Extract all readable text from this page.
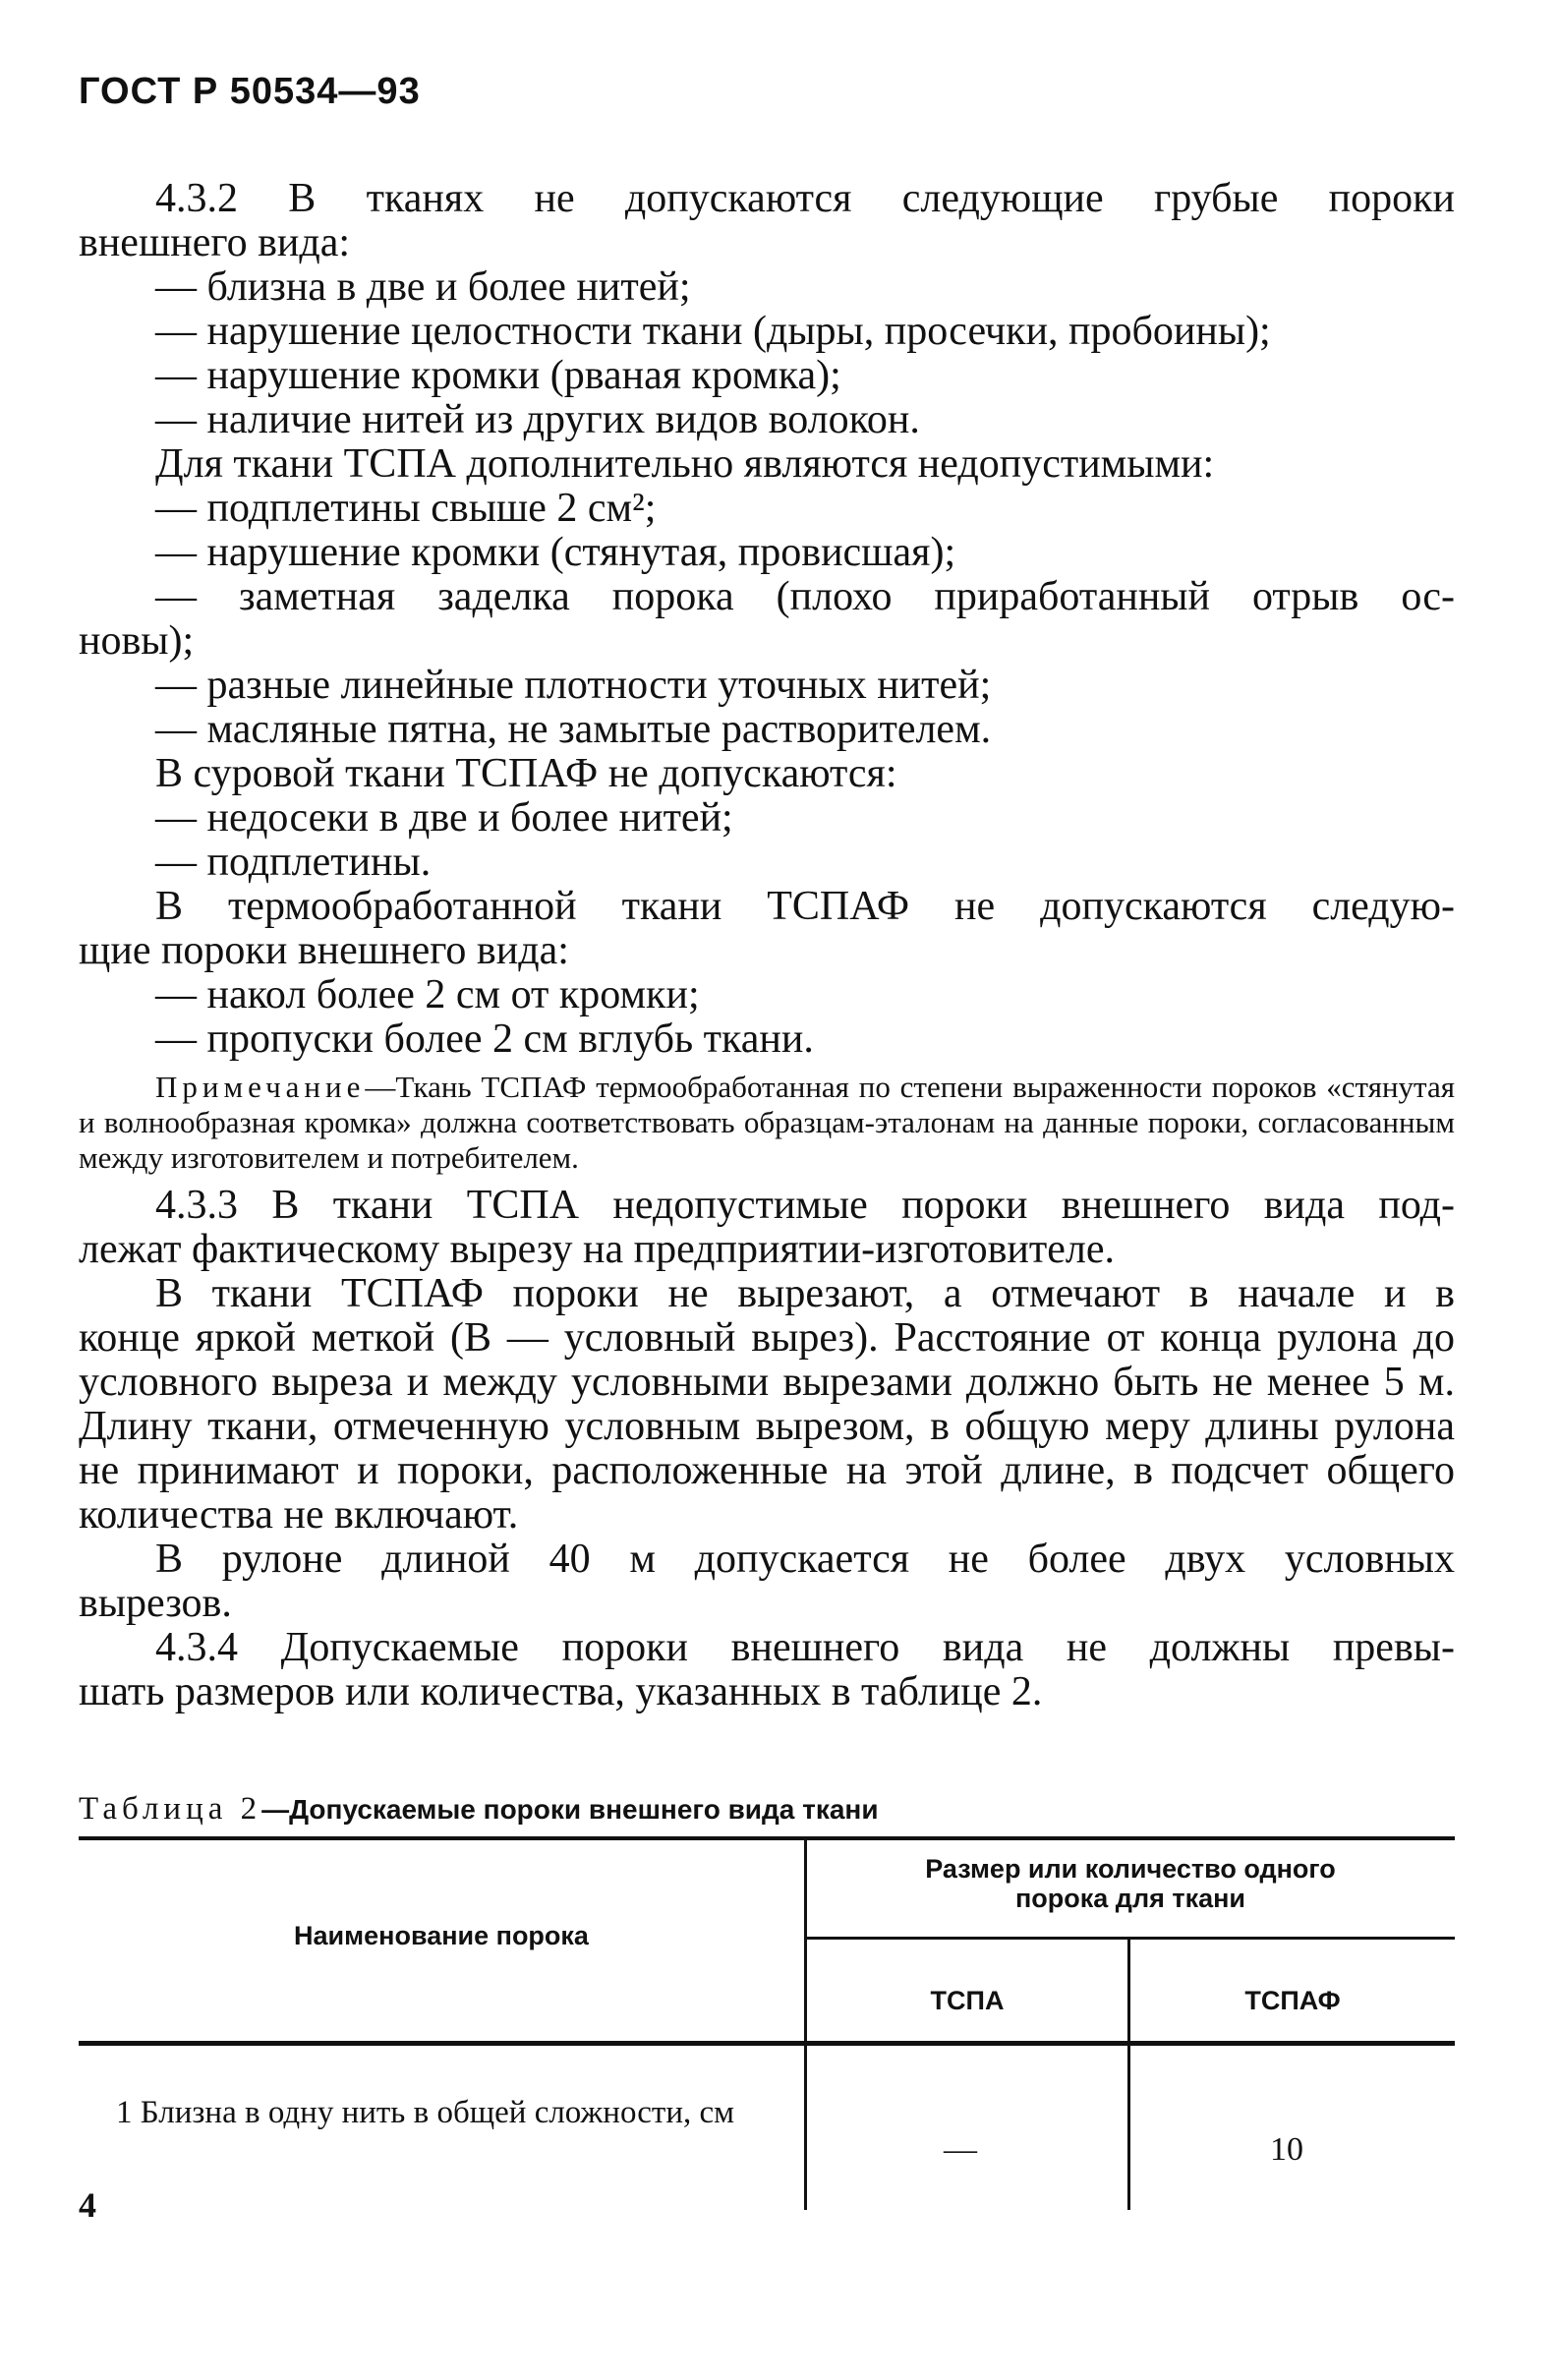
ГОСТ Р 50534—93

4.3.2 В тканях не допускаются следующие грубые пороки

внешнего вида:

— близна в две и более нитей;

— нарушение целостности ткани (дыры, просечки, пробоины);

— нарушение кромки (рваная кромка);

— наличие нитей из других видов волокон.

Для ткани ТСПА дополнительно являются недопустимыми:

— подплетины свыше 2 см²;

— нарушение кромки (стянутая, провисшая);

— заметная заделка порока (плохо приработанный отрыв ос-

новы);

— разные линейные плотности уточных нитей;

— масляные пятна, не замытые растворителем.

В суровой ткани ТСПАФ не допускаются:

— недосеки в две и более нитей;

— подплетины.

В термообработанной ткани ТСПАФ не допускаются следую-

щие пороки внешнего вида:

— накол более 2 см от кромки;

— пропуски более 2 см вглубь ткани.

Примечание—Ткань ТСПАФ термообработанная по степени выраженности пороков «стянутая и волнообразная кромка» должна соответствовать образцам-эталонам на данные пороки, согласованным между изготовителем и потребителем.

4.3.3 В ткани ТСПА недопустимые пороки внешнего вида под-

лежат фактическому вырезу на предприятии-изготовителе.

В ткани ТСПАФ пороки не вырезают, а отмечают в начале и в

конце яркой меткой (В — условный вырез). Расстояние от конца рулона до условного выреза и между условными вырезами должно быть не менее 5 м. Длину ткани, отмеченную условным вырезом, в общую меру длины рулона не принимают и пороки, расположенные на этой длине, в подсчет общего количества не включают.

В рулоне длиной 40 м допускается не более двух условных

вырезов.

4.3.4 Допускаемые пороки внешнего вида не должны превы-

шать размеров или количества, указанных в таблице 2.

Таблица 2—Допускаемые пороки внешнего вида ткани
Наименование порока
Размер или количество одного порока для ткани
ТСПА	ТСПАФ
1 Близна в одну нить в общей сложности, см
—	10
4
